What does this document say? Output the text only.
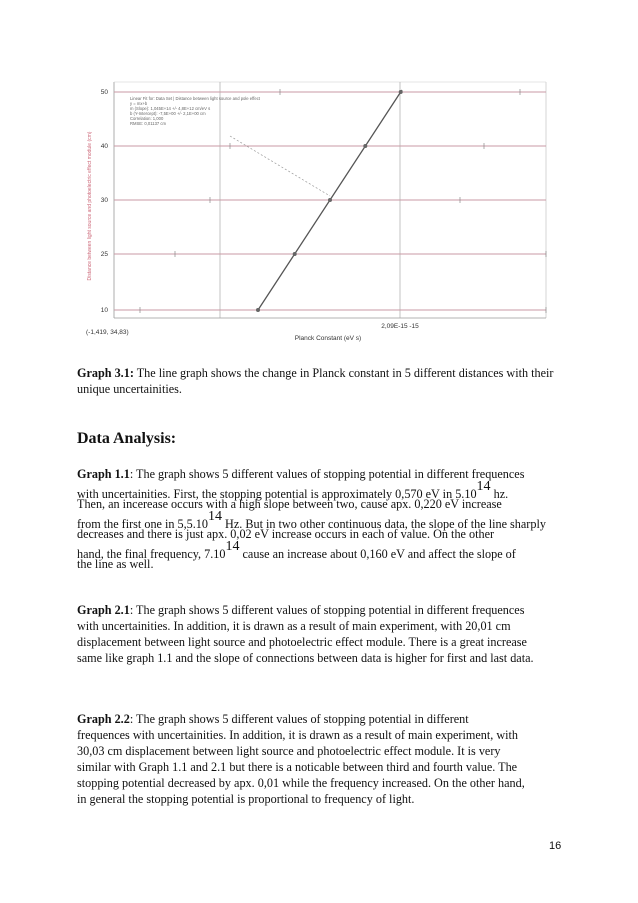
50
40
30
25
10
Linear Fit for: Data Set | Distance between light source and pole effect
y = mx+b
m (Slope): 1,045E+14 +/- 4,8E+12 cm/eV s
b (Y-Intercept): -7,5E+00 +/- 2,1E+00 cm
Correlation: 1,000
RMSE: 0,01137 cm
Distance between light source and photoelectric effect module (cm)
Planck Constant (eV s)
2,09E-15 -15
(-1,419, 34,83)

Graph 3.1: The line graph shows the change in Planck constant in 5 different distances with their unique uncertainities.

Data Analysis:
Graph 1.1: The graph shows 5 different values of stopping potential in different frequences
with uncertainities. First, the stopping potential is approximately 0,570 eV in 5.1014 hz.
Then, an incerease occurs with a high slope between two, cause apx. 0,220 eV increase
from the first one in 5,5.1014 Hz. But in two other continuous data, the slope of the line sharply
decreases and there is just apx. 0,02 eV increase occurs in each of value. On the other
hand, the final frequency, 7.1014 cause an increase about 0,160 eV and affect the slope of
the line as well.
Graph 2.1: The graph shows 5 different values of stopping potential in different frequences
with uncertainities. In addition, it is drawn as a result of main experiment, with 20,01 cm
displacement between light source and photoelectric effect module. There is a great increase
same like graph 1.1 and the slope of connections between data is higher for first and last data.
Graph 2.2: The graph shows 5 different values of stopping potential in different
frequences with uncertainities. In addition, it is drawn as a result of main experiment, with
30,03 cm displacement between light source and photoelectric effect module. It is very
similar with Graph 1.1 and 2.1 but there is a noticable between third and fourth value. The
stopping potential decreased by apx. 0,01 while the frequency increased. On the other hand,
in general the stopping potential is proportional to frequency of light.
16
